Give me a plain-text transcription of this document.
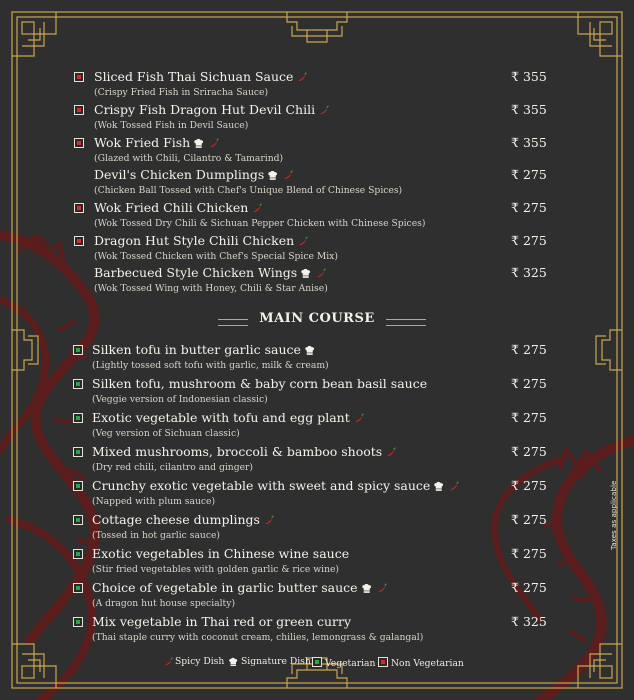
Sliced Fish Thai Sichuan Sauce
(Crispy Fried Fish in Sriracha Sauce)
₹ 355
Crispy Fish Dragon Hut Devil Chili
(Wok Tossed Fish in Devil Sauce)
₹ 355
Wok Fried Fish
(Glazed with Chili, Cilantro & Tamarind)
₹ 355
Devil's Chicken Dumplings
(Chicken Ball Tossed with Chef's Unique Blend of Chinese Spices)
₹ 275
Wok Fried Chili Chicken
(Wok Tossed Dry Chili & Sichuan Pepper Chicken with Chinese Spices)
₹ 275
Dragon Hut Style Chili Chicken
(Wok Tossed Chicken with Chef's Special Spice Mix)
₹ 275
Barbecued Style Chicken Wings
(Wok Tossed Wing with Honey, Chili & Star Anise)
₹ 325
Silken tofu in butter garlic sauce
(Lightly tossed soft tofu with garlic, milk & cream)
₹ 275
Silken tofu, mushroom & baby corn bean basil sauce
(Veggie version of Indonesian classic)
₹ 275
Exotic vegetable with tofu and egg plant
(Veg version of Sichuan classic)
₹ 275
Mixed mushrooms, broccoli & bamboo shoots
(Dry red chili, cilantro and ginger)
₹ 275
Crunchy exotic vegetable with sweet and spicy sauce
(Napped with plum sauce)
₹ 275
Cottage cheese dumplings
(Tossed in hot garlic sauce)
₹ 275
Exotic vegetables in Chinese wine sauce
(Stir fried vegetables with golden garlic & rice wine)
₹ 275
Choice of vegetable in garlic butter sauce
(A dragon hut house specialty)
₹ 275
Mix vegetable in Thai red or green curry
(Thai staple curry with coconut cream, chilies, lemongrass & galangal)
₹ 325
MAIN COURSE
Spicy Dish	Signature Dish	Vegetarian	Non Vegetarian
Taxes as applicable
